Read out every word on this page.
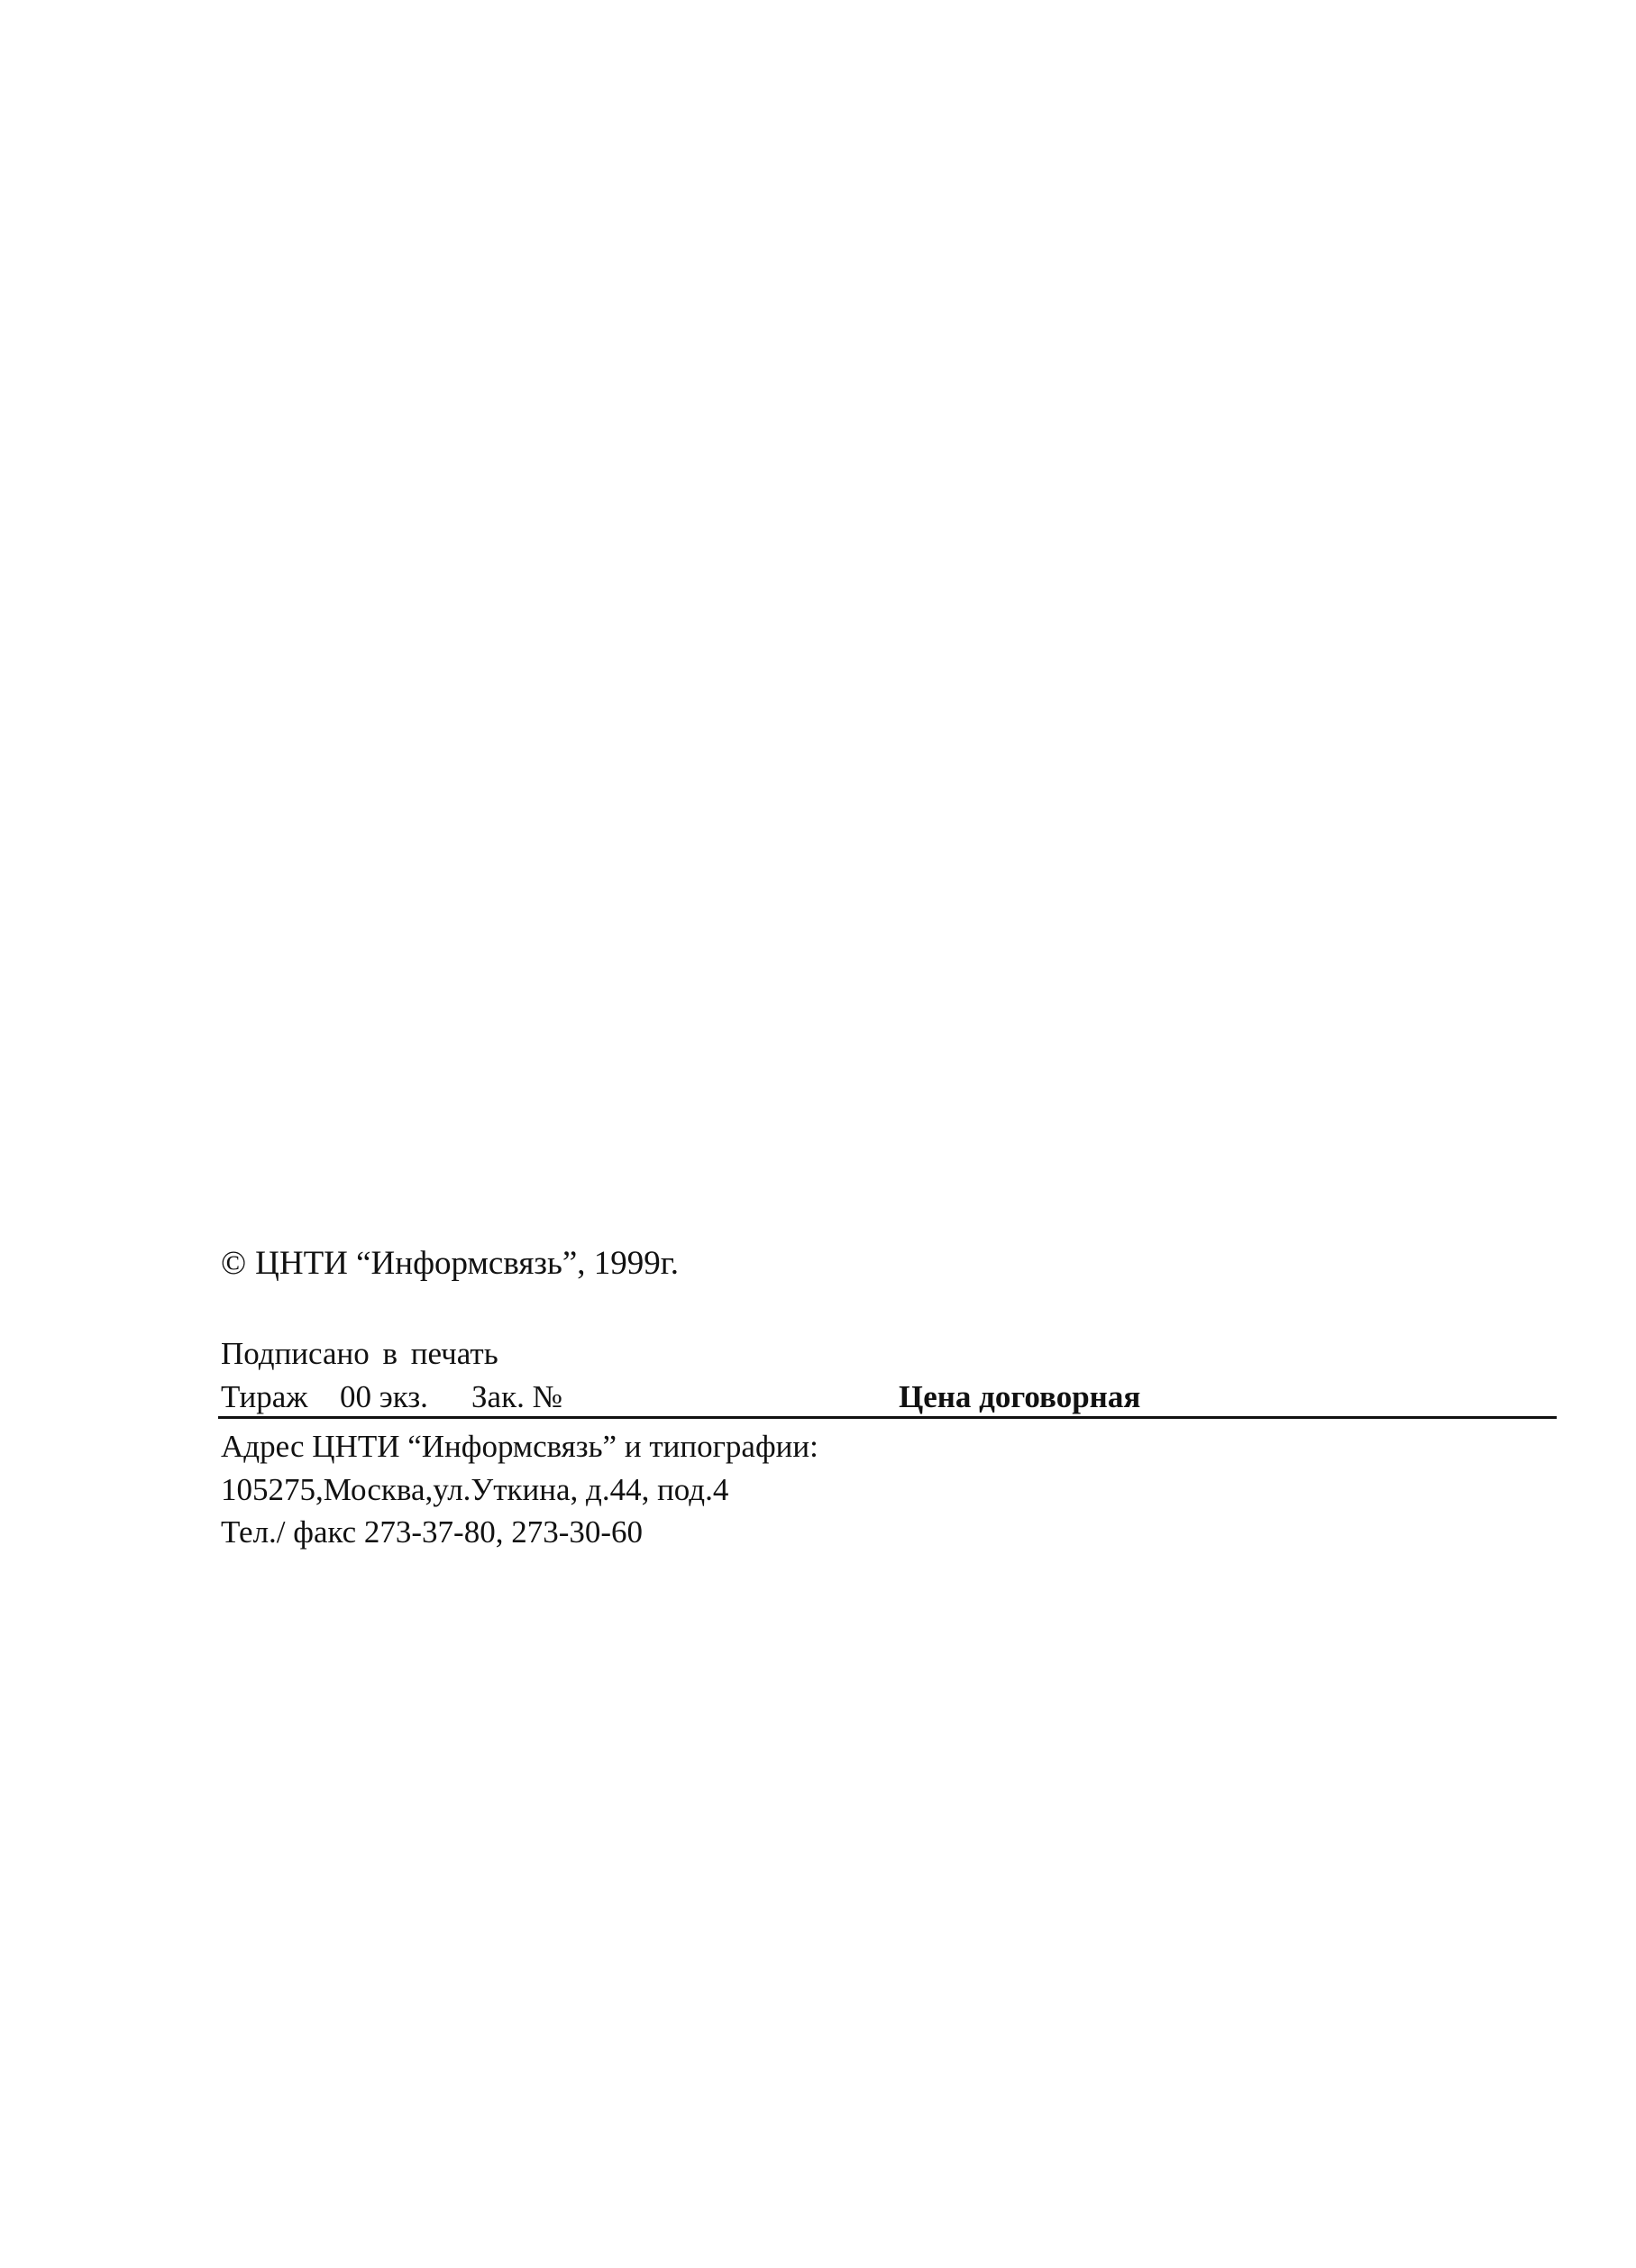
© ЦНТИ “Информсвязь”, 1999г.
Подписано в печать
Тираж 00 экз. Зак. №	Цена договорная
Адрес ЦНТИ “Информсвязь” и типографии:
105275,Москва,ул.Уткина, д.44, под.4
Тел./ факс 273-37-80, 273-30-60
